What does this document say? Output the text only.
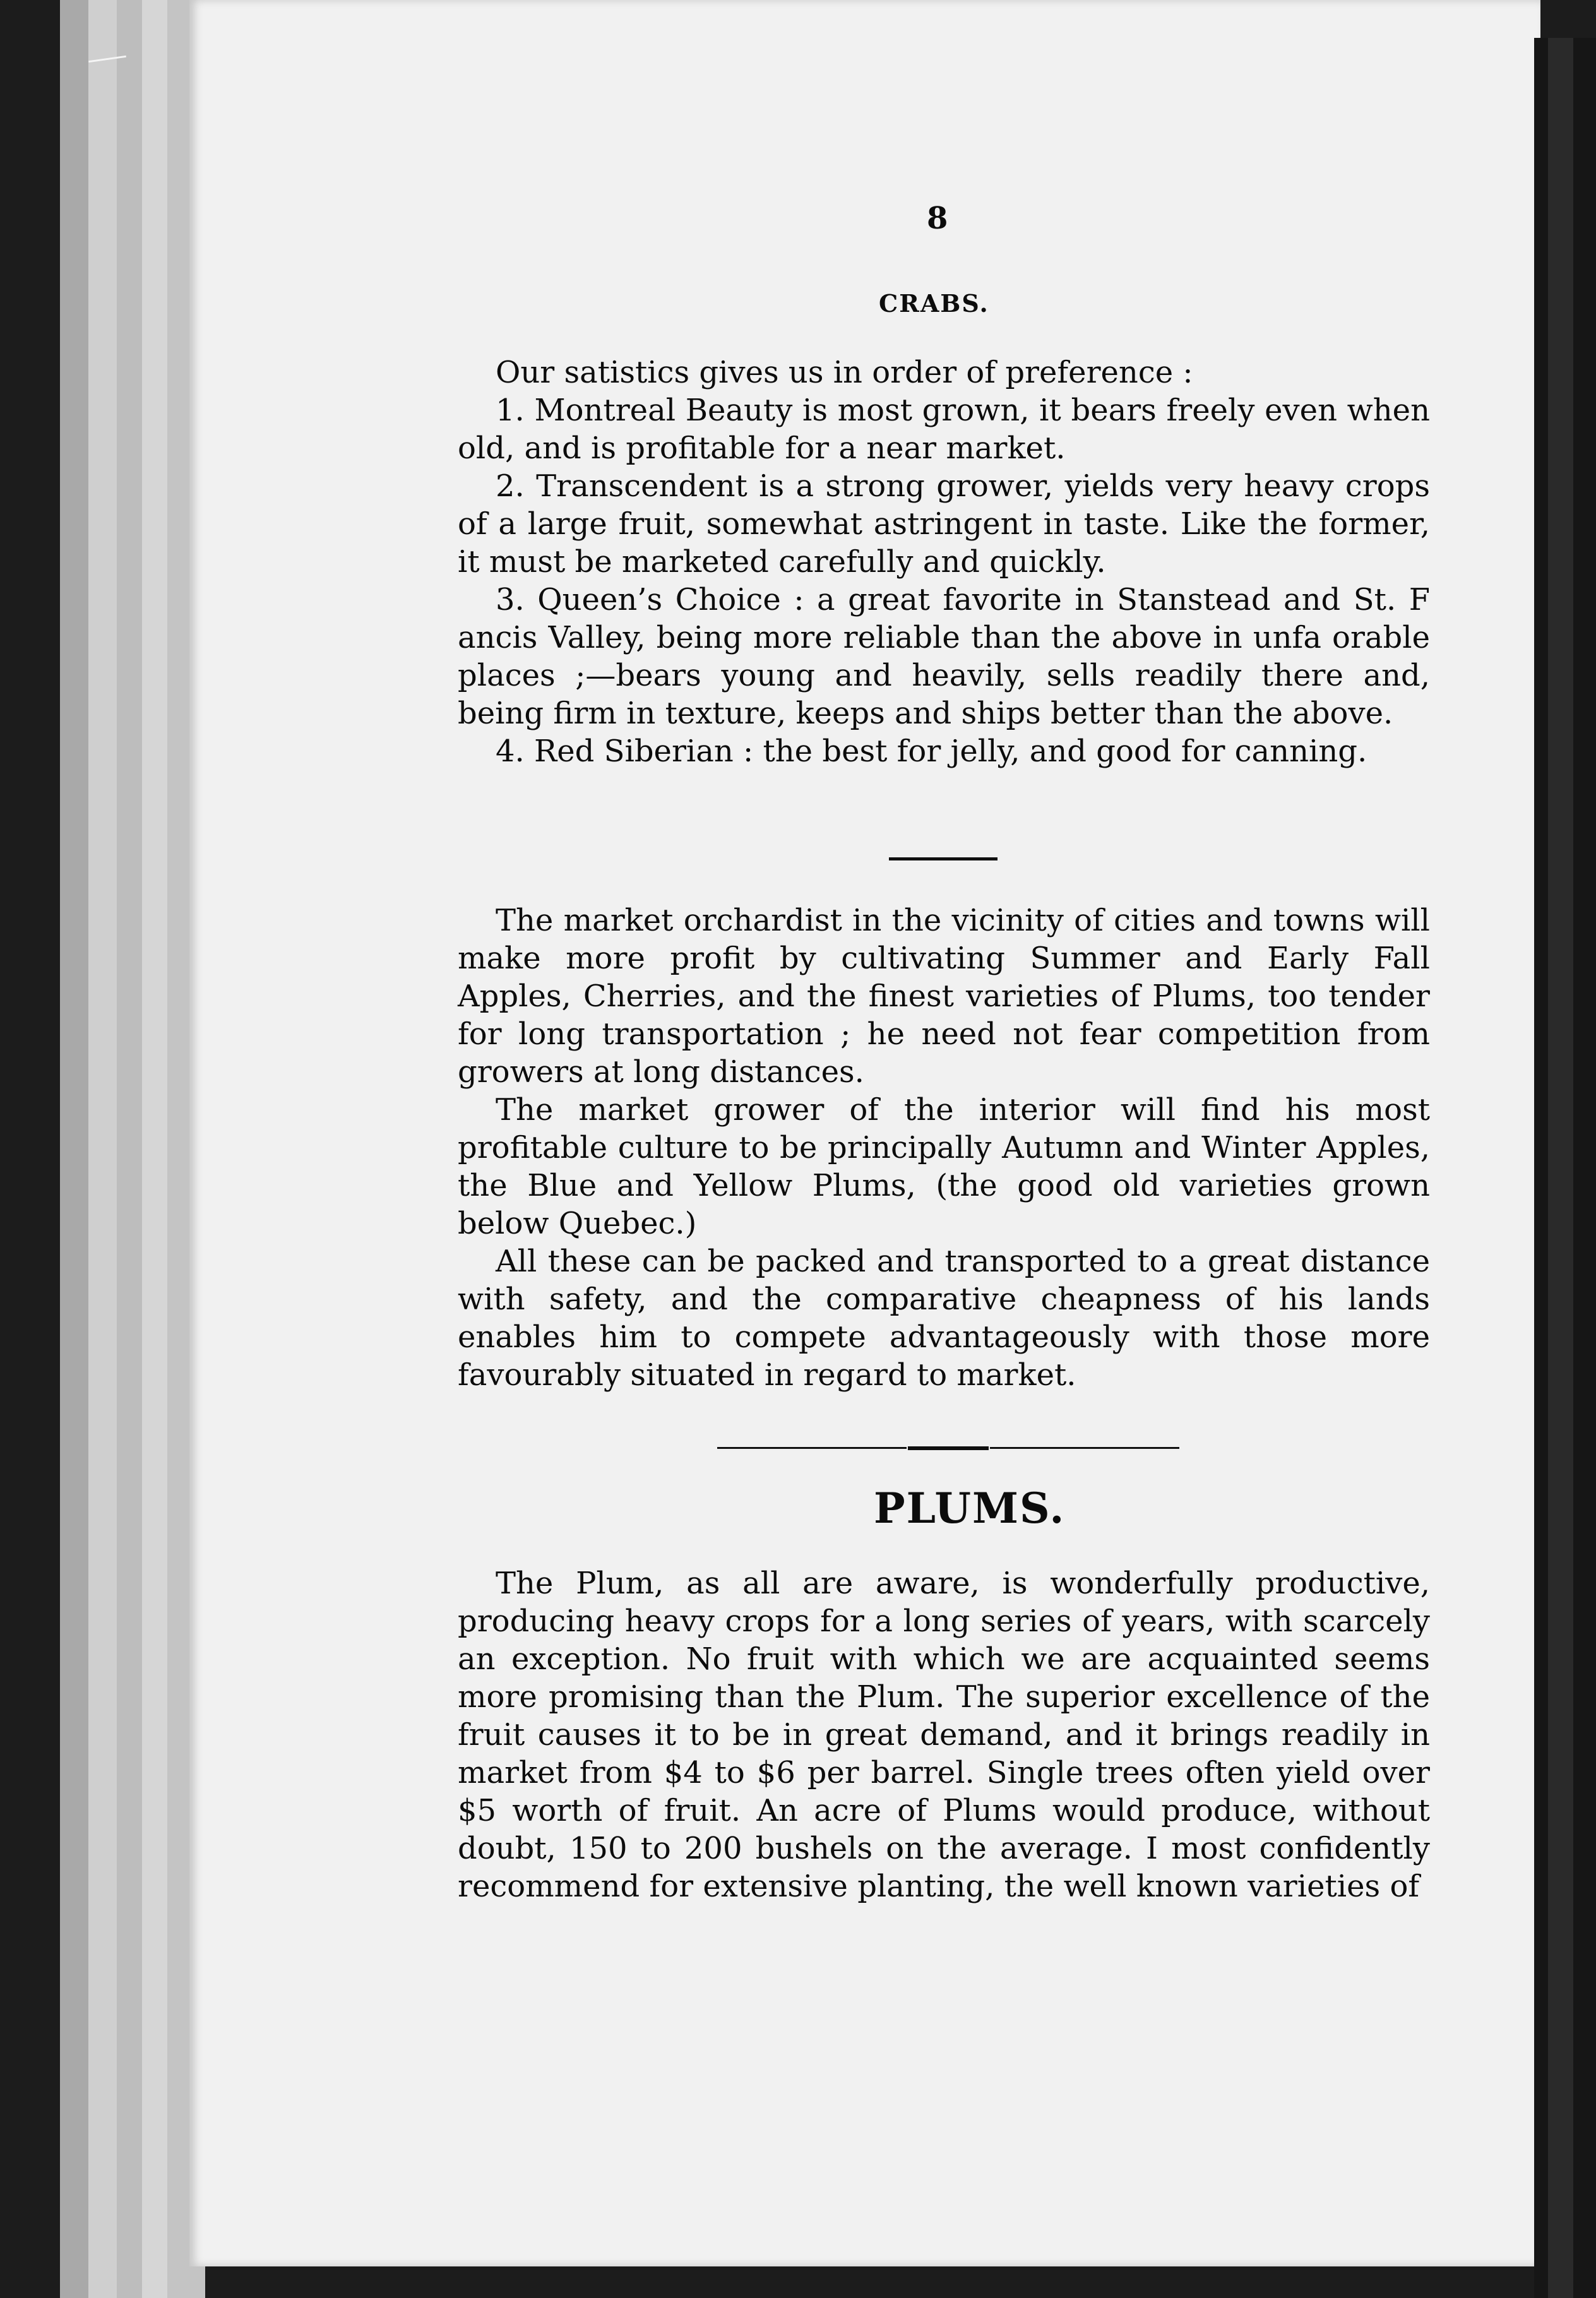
8
CRABS.

Our satistics gives us in order of preference :

1. Montreal Beauty is most grown, it bears freely even when old, and is profitable for a near market.

2. Transcendent is a strong grower, yields very heavy crops of a large fruit, somewhat astringent in taste. Like the former, it must be marketed carefully and quickly.

3. Queen’s Choice : a great favorite in Stanstead and St. F ancis Valley, being more reliable than the above in unfa orable places ;—bears young and heavily, sells readily there and, being firm in texture, keeps and ships better than the above.

4. Red Siberian : the best for jelly, and good for canning.

The market orchardist in the vicinity of cities and towns will make more profit by cultivating Summer and Early Fall Apples, Cherries, and the finest varieties of Plums, too tender for long transportation ; he need not fear competition from growers at long distances.

The market grower of the interior will find his most profitable culture to be principally Autumn and Winter Apples, the Blue and Yellow Plums, (the good old varieties grown below Quebec.)

All these can be packed and transported to a great distance with safety, and the comparative cheapness of his lands enables him to compete advantageously with those more favourably situated in regard to market.

PLUMS.

The Plum, as all are aware, is wonderfully productive, producing heavy crops for a long series of years, with scarcely an exception. No fruit with which we are acquainted seems more promising than the Plum. The superior excellence of the fruit causes it to be in great demand, and it brings readily in market from $4 to $6 per barrel. Single trees often yield over $5 worth of fruit. An acre of Plums would produce, without doubt, 150 to 200 bushels on the average. I most confidently recommend for extensive planting, the well known varieties of
